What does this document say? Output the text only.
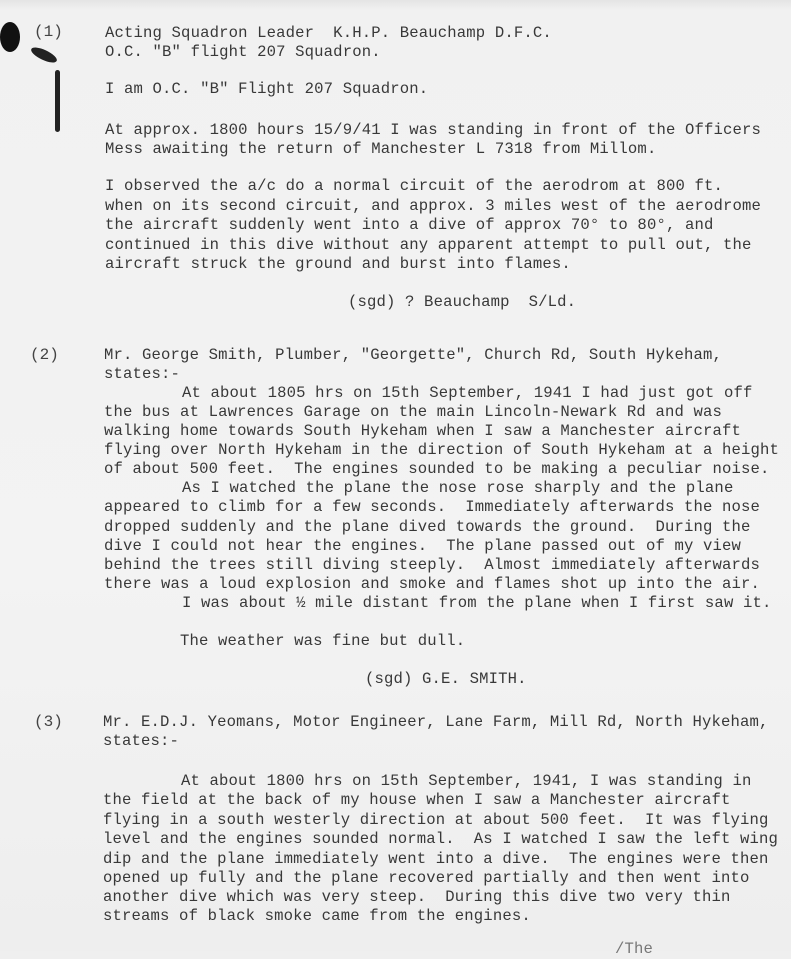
(1)	Acting Squadron Leader  K.H.P. Beauchamp D.F.C.
O.C. "B" flight 207 Squadron.
I am O.C. "B" Flight 207 Squadron.
At approx. 1800 hours 15/9/41 I was standing in front of the Officers
Mess awaiting the return of Manchester L 7318 from Millom.
I observed the a/c do a normal circuit of the aerodrom at 800 ft.
when on its second circuit, and approx. 3 miles west of the aerodrome
the aircraft suddenly went into a dive of approx 70° to 80°, and
continued in this dive without any apparent attempt to pull out, the
aircraft struck the ground and burst into flames.
(sgd) ? Beauchamp  S/Ld.
(2)	Mr. George Smith, Plumber, "Georgette", Church Rd, South Hykeham,
states:-
At about 1805 hrs on 15th September, 1941 I had just got off
the bus at Lawrences Garage on the main Lincoln-Newark Rd and was
walking home towards South Hykeham when I saw a Manchester aircraft
flying over North Hykeham in the direction of South Hykeham at a height
of about 500 feet.  The engines sounded to be making a peculiar noise.
As I watched the plane the nose rose sharply and the plane
appeared to climb for a few seconds.  Immediately afterwards the nose
dropped suddenly and the plane dived towards the ground.  During the
dive I could not hear the engines.  The plane passed out of my view
behind the trees still diving steeply.  Almost immediately afterwards
there was a loud explosion and smoke and flames shot up into the air.
I was about ½ mile distant from the plane when I first saw it.
The weather was fine but dull.
(sgd) G.E. SMITH.
(3)	Mr. E.D.J. Yeomans, Motor Engineer, Lane Farm, Mill Rd, North Hykeham,
states:-
At about 1800 hrs on 15th September, 1941, I was standing in
the field at the back of my house when I saw a Manchester aircraft
flying in a south westerly direction at about 500 feet.  It was flying
level and the engines sounded normal.  As I watched I saw the left wing
dip and the plane immediately went into a dive.  The engines were then
opened up fully and the plane recovered partially and then went into
another dive which was very steep.  During this dive two very thin
streams of black smoke came from the engines.
/The
